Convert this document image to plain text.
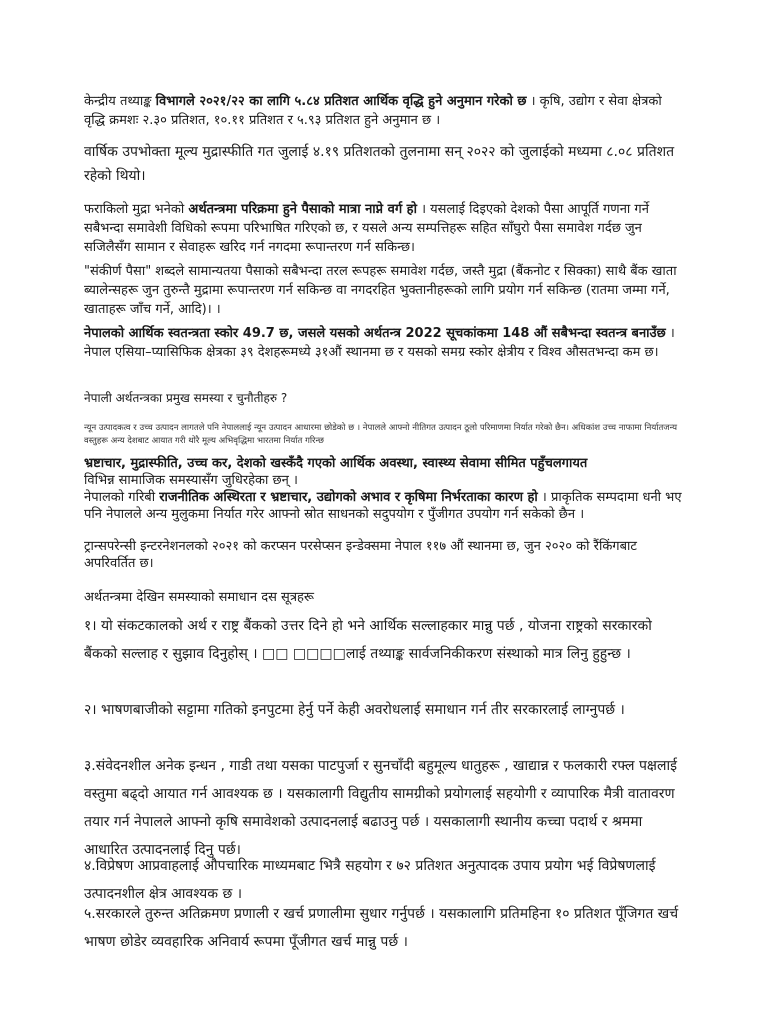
केन्द्रीय तथ्याङ्क विभागले २०२१/२२ का लागि ५.८४ प्रतिशत आर्थिक वृद्धि हुने अनुमान गरेको छ । कृषि, उद्योग र सेवा क्षेत्रको वृद्धि क्रमशः २.३० प्रतिशत, १०.११ प्रतिशत र ५.९३ प्रतिशत हुने अनुमान छ ।

वार्षिक उपभोक्ता मूल्य मुद्रास्फीति गत जुलाई ४.१९ प्रतिशतको तुलनामा सन् २०२२ को जुलाईको मध्यमा ८.०८ प्रतिशत रहेको थियो।

फराकिलो मुद्रा भनेको अर्थतन्त्रमा परिक्रमा हुने पैसाको मात्रा नाप्ने वर्ग हो । यसलाई दिइएको देशको पैसा आपूर्ति गणना गर्ने सबैभन्दा समावेशी विधिको रूपमा परिभाषित गरिएको छ, र यसले अन्य सम्पत्तिहरू सहित साँघुरो पैसा समावेश गर्दछ जुन सजिलैसँग सामान र सेवाहरू खरिद गर्न नगदमा रूपान्तरण गर्न सकिन्छ।

"संकीर्ण पैसा" शब्दले सामान्यतया पैसाको सबैभन्दा तरल रूपहरू समावेश गर्दछ, जस्तै मुद्रा (बैंकनोट र सिक्का) साथै बैंक खाता ब्यालेन्सहरू जुन तुरुन्तै मुद्रामा रूपान्तरण गर्न सकिन्छ वा नगदरहित भुक्तानीहरूको लागि प्रयोग गर्न सकिन्छ (रातमा जम्मा गर्ने, खाताहरू जाँच गर्ने, आदि)। ।

नेपालको आर्थिक स्वतन्त्रता स्कोर 49.7 छ, जसले यसको अर्थतन्त्र 2022 सूचकांकमा 148 औं सबैभन्दा स्वतन्त्र बनाउँछ । नेपाल एसिया–प्यासिफिक क्षेत्रका ३९ देशहरूमध्ये ३१औं स्थानमा छ र यसको समग्र स्कोर क्षेत्रीय र विश्व औसतभन्दा कम छ।

नेपाली अर्थतन्त्रका प्रमुख समस्या र चुनौतीहरु ?

न्यून उत्पादकत्व र उच्च उत्पादन लागतले पनि नेपाललाई न्यून उत्पादन आधारमा छोडेको छ । नेपालले आफ्नो नीतिगत उत्पादन ठूलो परिमाणमा निर्यात गरेको छैन। अधिकांश उच्च नाफामा निर्यातजन्य वस्तुहरू अन्य देशबाट आयात गरी थोरै मूल्य अभिवृद्धिमा भारतमा निर्यात गरिन्छ

भ्रष्टाचार, मुद्रास्फीति, उच्च कर, देशको खस्कँदै गएको आर्थिक अवस्था, स्वास्थ्य सेवामा सीमित पहुँचलगायत

विभिन्न सामाजिक समस्यासँग जुधिरहेका छन् ।

नेपालको गरिबी राजनीतिक अस्थिरता र भ्रष्टाचार, उद्योगको अभाव र कृषिमा निर्भरताका कारण हो । प्राकृतिक सम्पदामा धनी भए पनि नेपालले अन्य मुलुकमा निर्यात गरेर आफ्नो स्रोत साधनको सदुपयोग र पुँजीगत उपयोग गर्न सकेको छैन ।

ट्रान्सपरेन्सी इन्टरनेशनलको २०२१ को करप्सन परसेप्सन इन्डेक्समा नेपाल ११७ औं स्थानमा छ, जुन २०२० को रैंकिंगबाट अपरिवर्तित छ।

अर्थतन्त्रमा देखिन समस्याको समाधान दस सूत्रहरू

१। यो संकटकालको अर्थ र राष्ट्र बैंकको उत्तर दिने हो भने आर्थिक सल्लाहकार मान्नु पर्छ , योजना राष्ट्रको सरकारको बैंकको सल्लाह र सुझाव दिनुहोस् । □□ □□□□लाई तथ्याङ्क सार्वजनिकीकरण संस्थाको मात्र लिनु हुहुन्छ ।

२। भाषणबाजीको सट्टामा गतिको इनपुटमा हेर्नु पर्ने केही अवरोधलाई समाधान गर्न तीर सरकारलाई लाग्नुपर्छ ।

३.संवेदनशील अनेक इन्धन , गाडी तथा यसका पाटपुर्जा र सुनचाँदी बहुमूल्य धातुहरू , खाद्यान्न र फलकारी रफ्ल पक्षलाई वस्तुमा बढ्दो आयात गर्न आवश्यक छ । यसकालागी विद्युतीय सामग्रीको प्रयोगलाई सहयोगी र व्यापारिक मैत्री वातावरण तयार गर्न नेपालले आफ्नो कृषि समावेशको उत्पादनलाई बढाउनु पर्छ । यसकालागी स्थानीय कच्चा पदार्थ र श्रममा आधारित उत्पादनलाई दिनु पर्छ।

४.विप्रेषण आप्रवाहलाई औपचारिक माध्यमबाट भित्रै सहयोग र ७२ प्रतिशत अनुत्पादक उपाय प्रयोग भई विप्रेषणलाई उत्पादनशील क्षेत्र आवश्यक छ ।

५.सरकारले तुरुन्त अतिक्रमण प्रणाली र खर्च प्रणालीमा सुधार गर्नुपर्छ । यसकालागि प्रतिमहिना १० प्रतिशत पूँजिगत खर्च भाषण छोडेर व्यवहारिक अनिवार्य रूपमा पूँजीगत खर्च मान्नु पर्छ ।
